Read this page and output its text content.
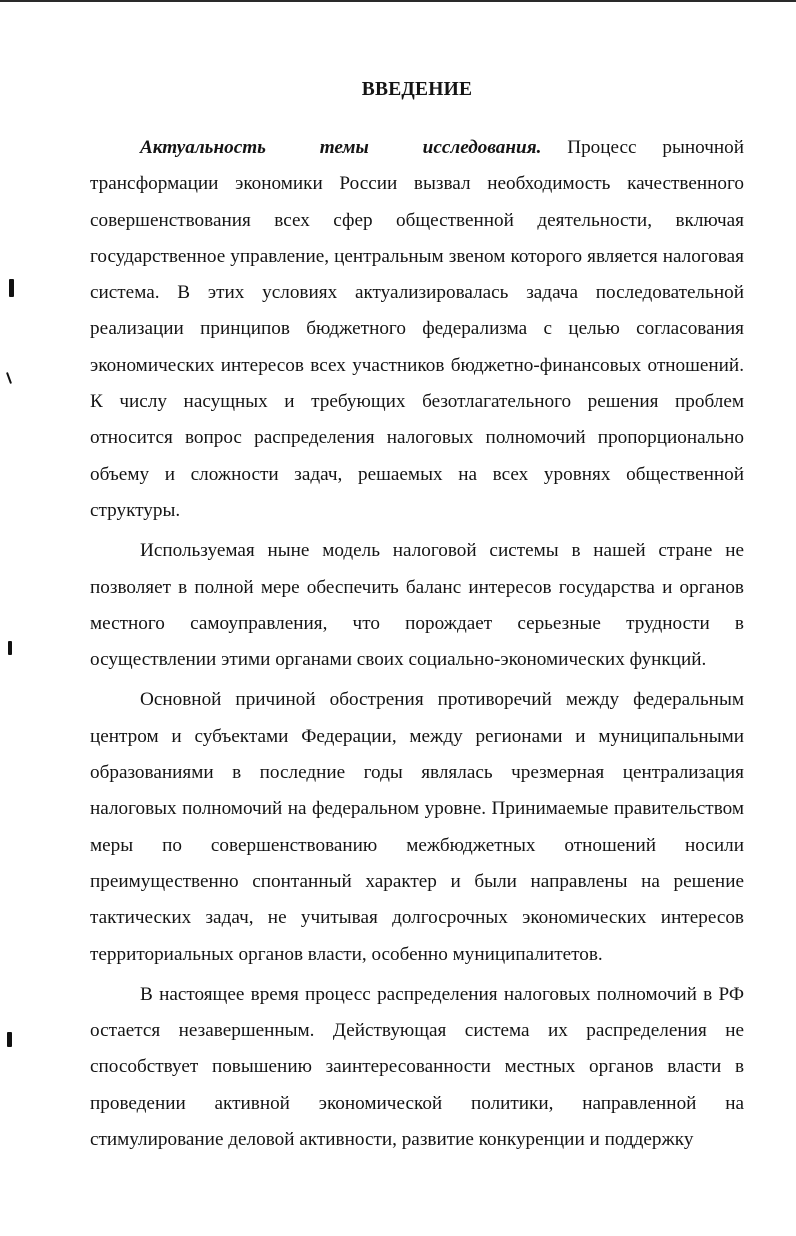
ВВЕДЕНИЕ

Актуальность темы исследования. Процесс рыночной трансформации экономики России вызвал необходимость качественного совершенствования всех сфер общественной деятельности, включая государственное управление, центральным звеном которого является налоговая система. В этих условиях актуализировалась задача последовательной реализации принципов бюджетного федерализма с целью согласования экономических интересов всех участников бюджетно-финансовых отношений. К числу насущных и требующих безотлагательного решения проблем относится вопрос распределения налоговых полномочий пропорционально объему и сложности задач, решаемых на всех уровнях общественной структуры.

Используемая ныне модель налоговой системы в нашей стране не позволяет в полной мере обеспечить баланс интересов государства и органов местного самоуправления, что порождает серьезные трудности в осуществлении этими органами своих социально-экономических функций.

Основной причиной обострения противоречий между федеральным центром и субъектами Федерации, между регионами и муниципальными образованиями в последние годы являлась чрезмерная централизация налоговых полномочий на федеральном уровне. Принимаемые правительством меры по совершенствованию межбюджетных отношений носили преимущественно спонтанный характер и были направлены на решение тактических задач, не учитывая долгосрочных экономических интересов территориальных органов власти, особенно муниципалитетов.

В настоящее время процесс распределения налоговых полномочий в РФ остается незавершенным. Действующая система их распределения не способствует повышению заинтересованности местных органов власти в проведении активной экономической политики, направленной на стимулирование деловой активности, развитие конкуренции и поддержку
